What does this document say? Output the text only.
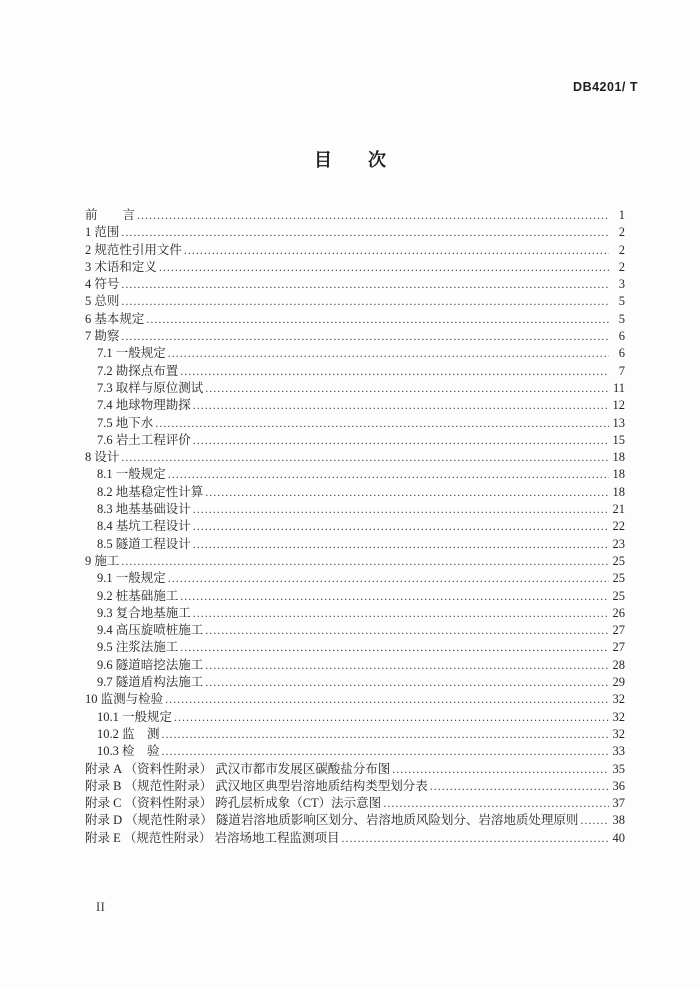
DB4201/ T
目　　次
前　　言 .....	1
1 范围 .....	2
2 规范性引用文件 .....	2
3 术语和定义 .....	2
4 符号 .....	3
5 总则 .....	5
6 基本规定 .....	5
7 勘察 .....	6
7.1 一般规定 .....	6
7.2 勘探点布置 .....	7
7.3 取样与原位测试 .....	11
7.4 地球物理勘探 .....	12
7.5 地下水 .....	13
7.6 岩土工程评价 .....	15
8 设计 .....	18
8.1 一般规定 .....	18
8.2 地基稳定性计算 .....	18
8.3 地基基础设计 .....	21
8.4 基坑工程设计 .....	22
8.5 隧道工程设计 .....	23
9 施工 .....	25
9.1 一般规定 .....	25
9.2 桩基础施工 .....	25
9.3 复合地基施工 .....	26
9.4 高压旋喷桩施工 .....	27
9.5 注浆法施工 .....	27
9.6 隧道暗挖法施工 .....	28
9.7 隧道盾构法施工 .....	29
10 监测与检验 .....	32
10.1 一般规定 .....	32
10.2 监　测 .....	32
10.3 检　验 .....	33
附录 A （资料性附录） 武汉市都市发展区碳酸盐分布图 .....	35
附录 B （规范性附录） 武汉地区典型岩溶地质结构类型划分表 .....	36
附录 C （资料性附录） 跨孔层析成象（CT）法示意图 .....	37
附录 D （规范性附录） 隧道岩溶地质影响区划分、岩溶地质风险划分、岩溶地质处理原则 .....	38
附录 E （规范性附录） 岩溶场地工程监测项目 .....	40
II
